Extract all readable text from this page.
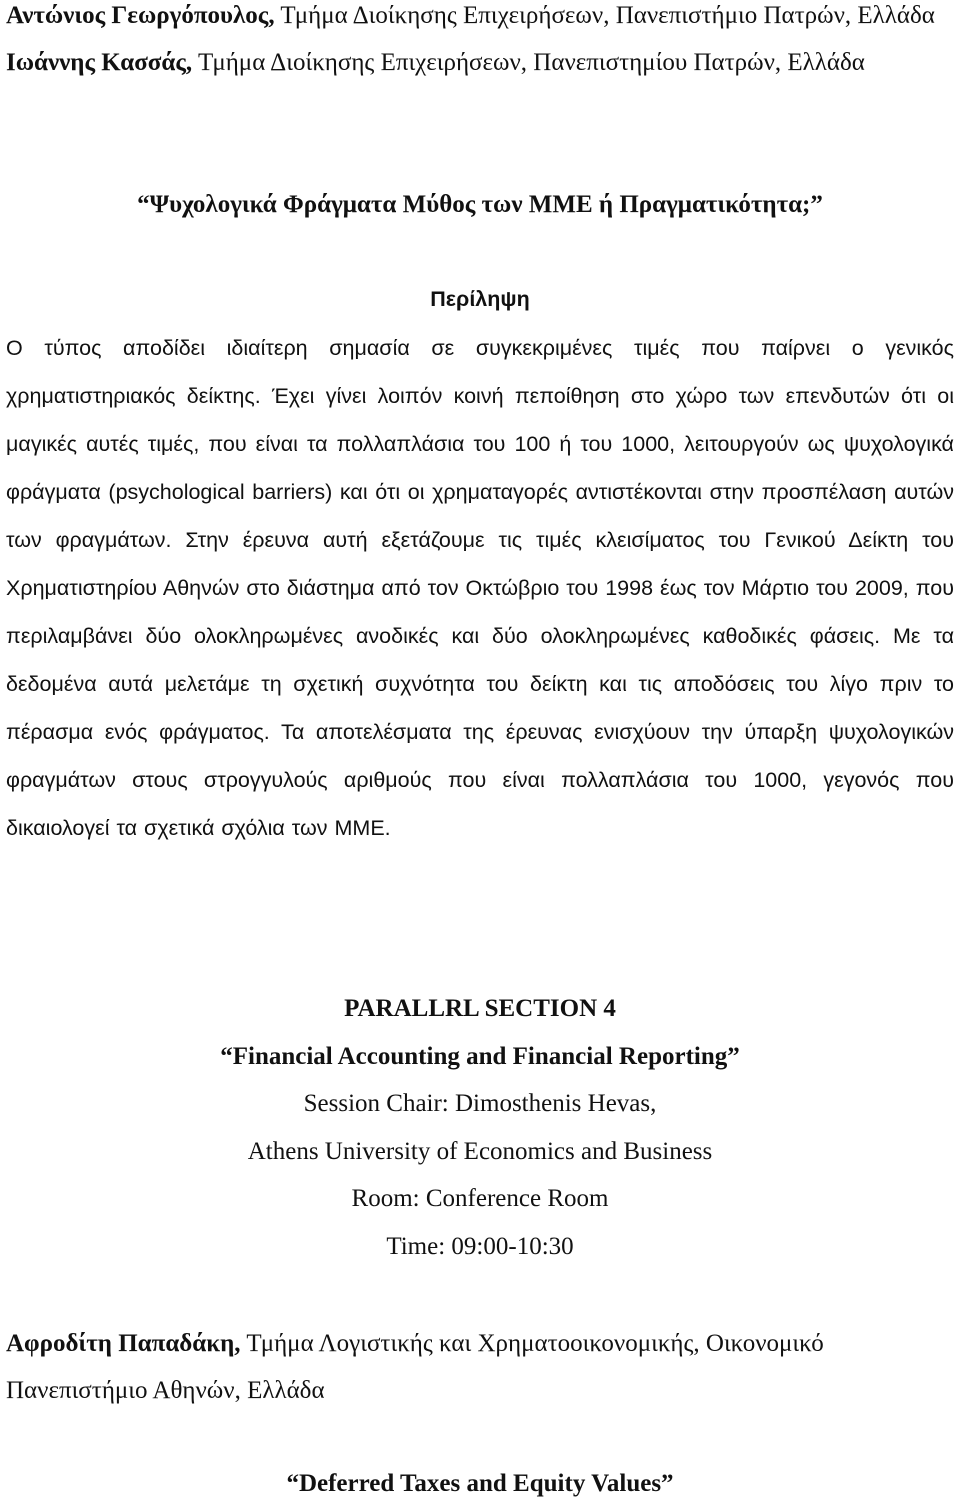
Αντώνιος Γεωργόπουλος, Τμήμα Διοίκησης Επιχειρήσεων, Πανεπιστήμιο Πατρών, Ελλάδα

Ιωάννης Κασσάς, Τμήμα Διοίκησης Επιχειρήσεων, Πανεπιστημίου Πατρών, Ελλάδα

“Ψυχολογικά Φράγματα Μύθος των ΜΜΕ ή Πραγματικότητα;”

Περίληψη

Ο τύπος αποδίδει ιδιαίτερη σημασία σε συγκεκριμένες τιμές που παίρνει ο γενικός χρηματιστηριακός δείκτης. Έχει γίνει λοιπόν κοινή πεποίθηση στο χώρο των επενδυτών ότι οι μαγικές αυτές τιμές, που είναι τα πολλαπλάσια του 100 ή του 1000, λειτουργούν ως ψυχολογικά φράγματα (psychological barriers) και ότι οι χρηματαγορές αντιστέκονται στην προσπέλαση αυτών των φραγμάτων. Στην έρευνα αυτή εξετάζουμε τις τιμές κλεισίματος του Γενικού Δείκτη του Χρηματιστηρίου Αθηνών στο διάστημα από τον Οκτώβριο του 1998 έως τον Μάρτιο του 2009, που περιλαμβάνει δύο ολοκληρωμένες ανοδικές και δύο ολοκληρωμένες καθοδικές φάσεις. Με τα δεδομένα αυτά μελετάμε τη σχετική συχνότητα του δείκτη και τις αποδόσεις του λίγο πριν το πέρασμα ενός φράγματος. Τα αποτελέσματα της έρευνας ενισχύουν την ύπαρξη ψυχολογικών φραγμάτων στους στρογγυλούς αριθμούς που είναι πολλαπλάσια του 1000, γεγονός που δικαιολογεί τα σχετικά σχόλια των ΜΜΕ.

PARALLRL SECTION 4

“Financial Accounting and Financial Reporting”

Session Chair: Dimosthenis Hevas,

Athens University of Economics and Business

Room: Conference Room

Time: 09:00-10:30

Αφροδίτη Παπαδάκη, Τμήμα Λογιστικής και Χρηματοοικονομικής, Οικονομικό Πανεπιστήμιο Αθηνών, Ελλάδα

“Deferred Taxes and Equity Values”
